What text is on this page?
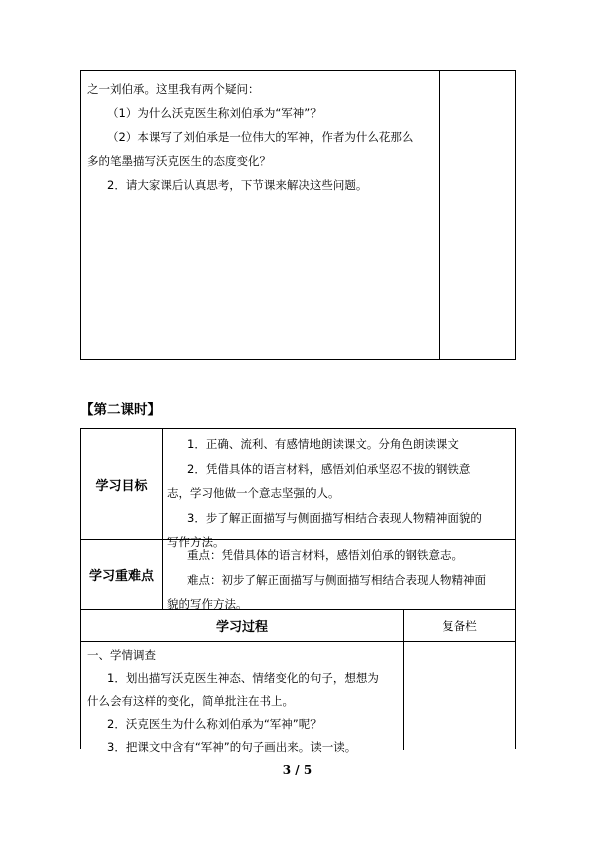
之一刘伯承。这里我有两个疑问：

（1）为什么沃克医生称刘伯承为“军神”？

（2）本课写了刘伯承是一位伟大的军神，作者为什么花那么

多的笔墨描写沃克医生的态度变化？

2．请大家课后认真思考，下节课来解决这些问题。

【第二课时】
学习目标

1．正确、流利、有感情地朗读课文。分角色朗读课文

2．凭借具体的语言材料，感悟刘伯承坚忍不拔的钢铁意

志，学习他做一个意志坚强的人。

3．步了解正面描写与侧面描写相结合表现人物精神面貌的

写作方法。

学习重难点

重点：凭借具体的语言材料，感悟刘伯承的钢铁意志。

难点：初步了解正面描写与侧面描写相结合表现人物精神面

貌的写作方法。

学习过程	复备栏

一、学情调查

1．划出描写沃克医生神态、情绪变化的句子，想想为

什么会有这样的变化，简单批注在书上。

2．沃克医生为什么称刘伯承为“军神”呢？

3．把课文中含有“军神”的句子画出来。读一读。

3 / 5
